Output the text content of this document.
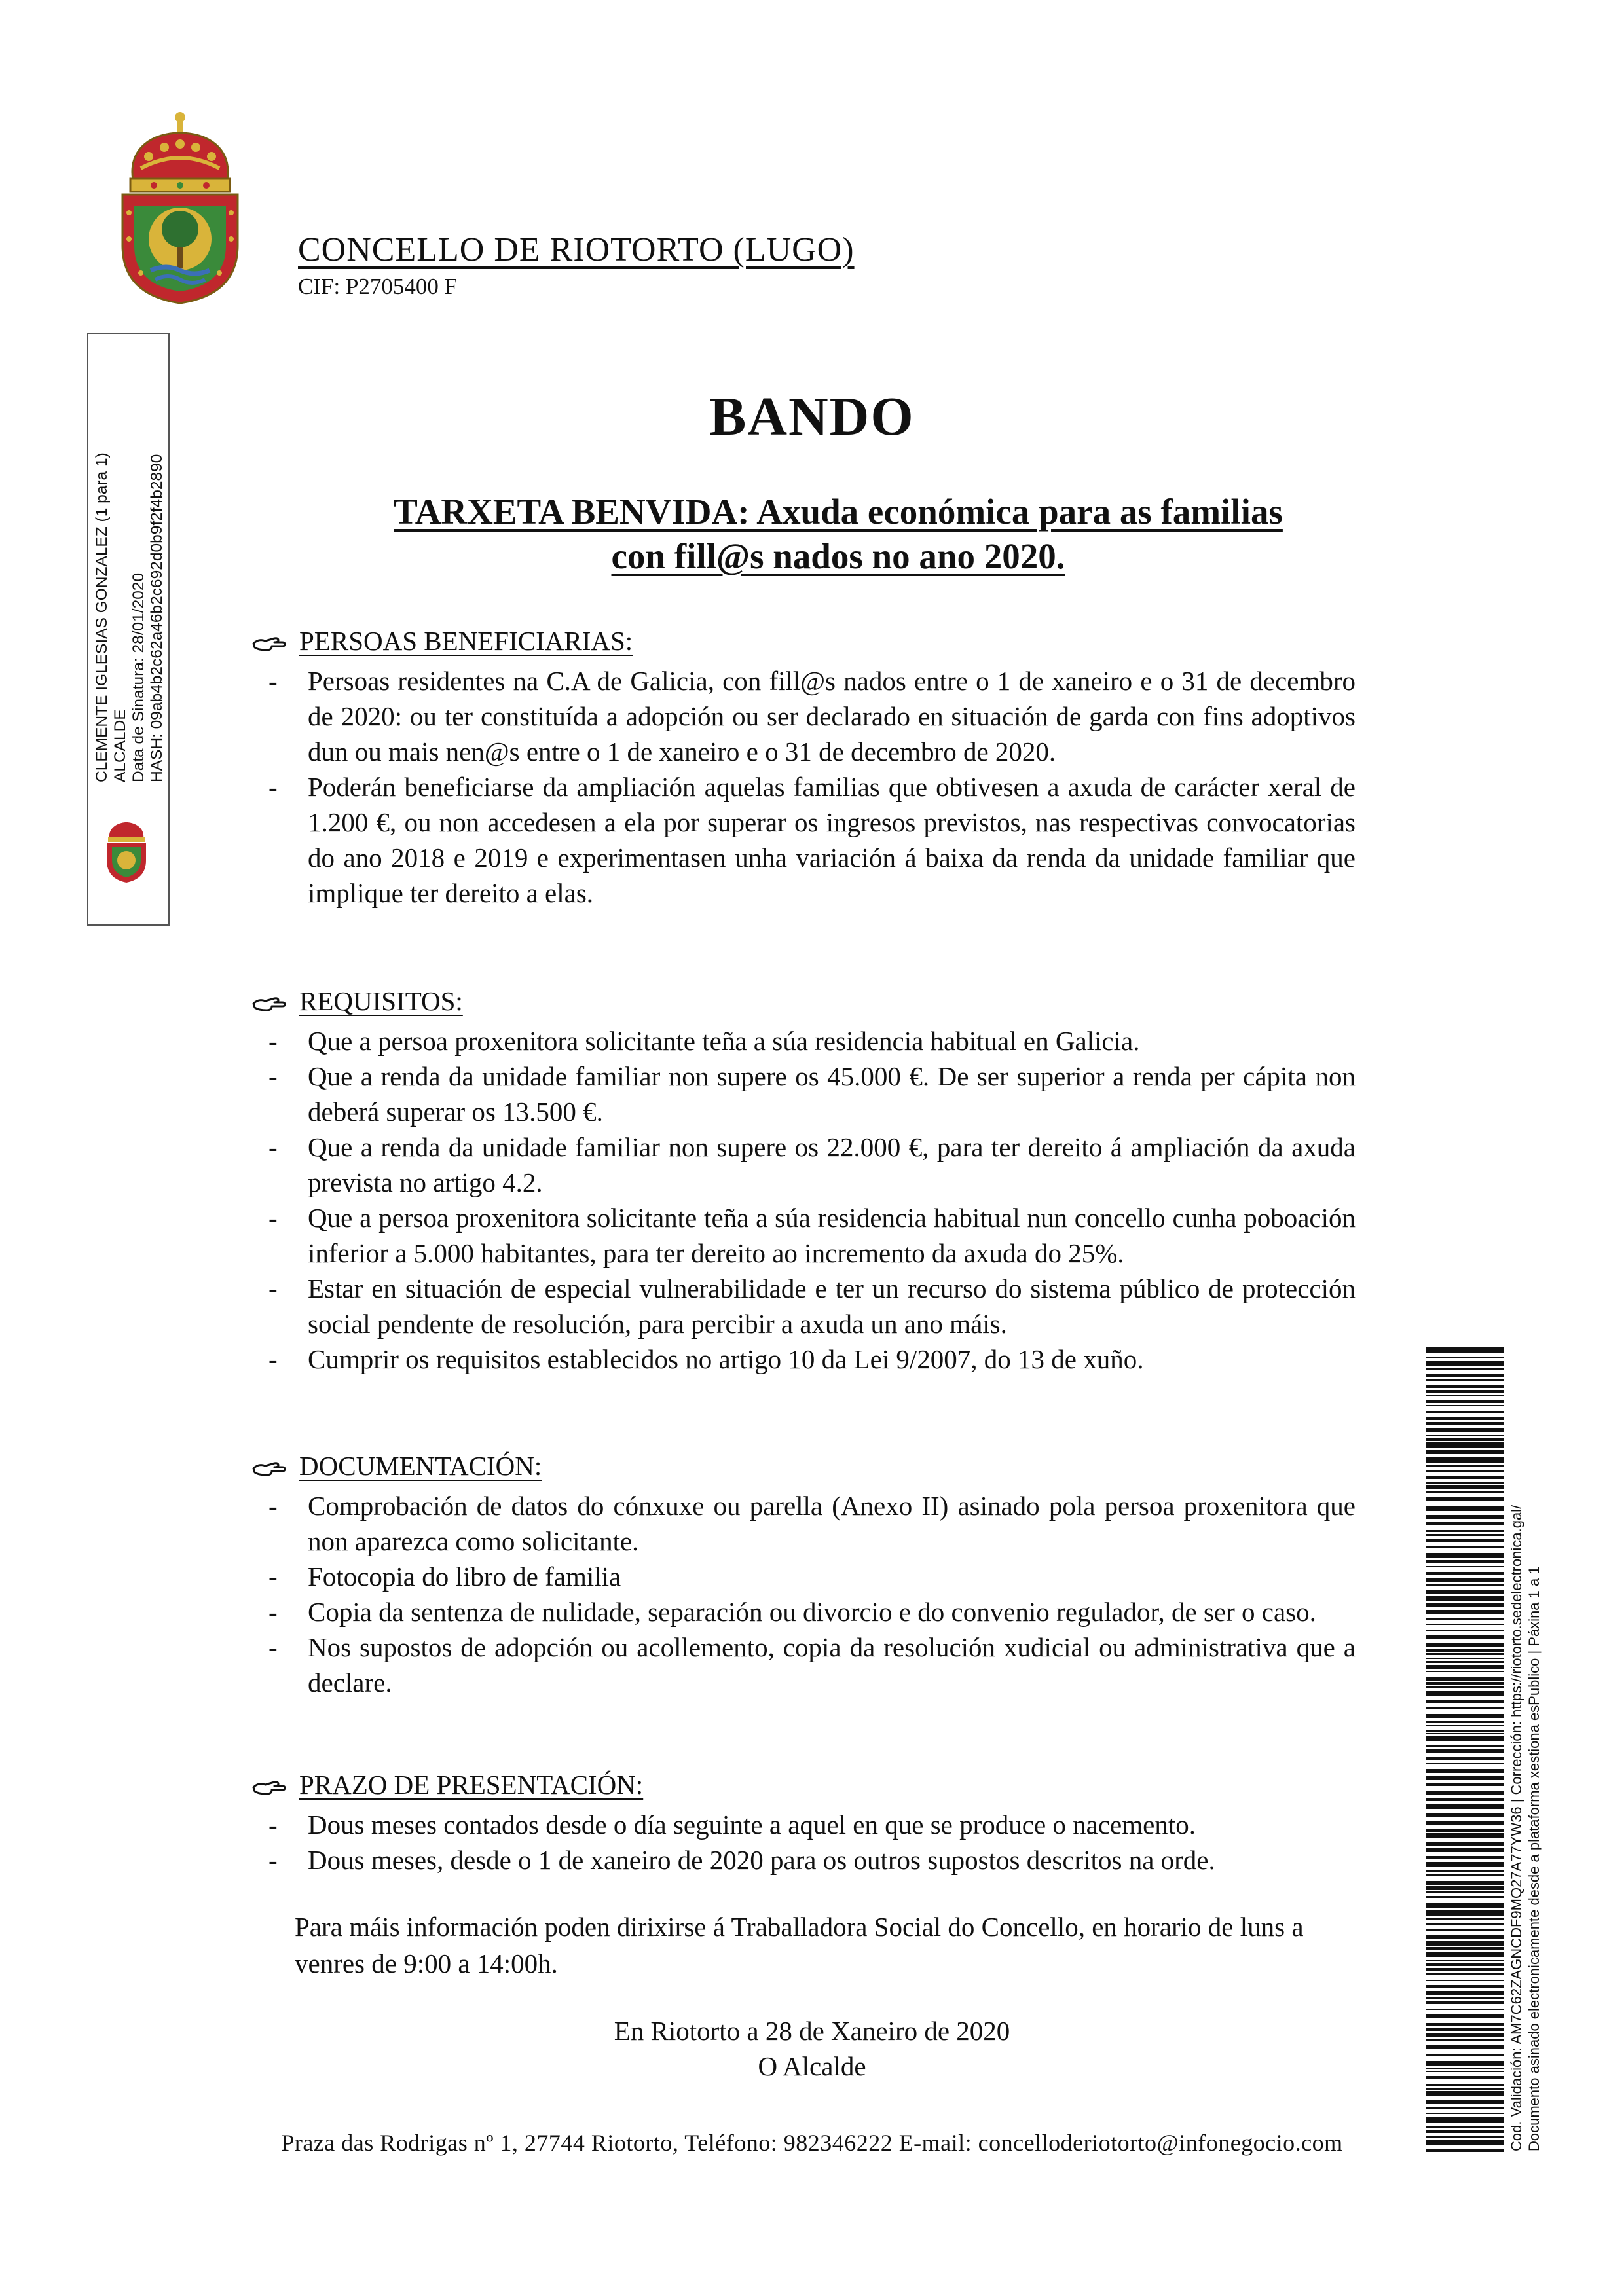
CONCELLO DE RIOTORTO (LUGO)
CIF: P2705400 F
CLEMENTE IGLESIAS GONZALEZ (1 para 1) ALCALDE Data de Sinatura: 28/01/2020 HASH: 09ab4b2c62a46b2c692d0b9f2f4b2890
BANDO
TARXETA BENVIDA: Axuda económica para as familias
con fill@s nados no ano 2020.
PERSOAS BENEFICIARIAS:
- Persoas residentes na C.A de Galicia, con fill@s nados entre o 1 de xaneiro e o 31 de decembro de 2020: ou ter constituída a adopción ou ser declarado en situación de garda con fins adoptivos dun ou mais nen@s entre o 1 de xaneiro e o 31 de decembro de 2020.
- Poderán beneficiarse da ampliación aquelas familias que obtivesen a axuda de carácter xeral de 1.200 €, ou non accedesen a ela por superar os ingresos previstos, nas respectivas convocatorias do ano 2018 e 2019 e experimentasen unha variación á baixa da renda da unidade familiar que implique ter dereito a elas.
REQUISITOS:
- Que a persoa proxenitora solicitante teña a súa residencia habitual en Galicia.
- Que a renda da unidade familiar non supere os 45.000 €. De ser superior a renda per cápita non deberá superar os 13.500 €.
- Que a renda da unidade familiar non supere os 22.000 €, para ter dereito á ampliación da axuda prevista no artigo 4.2.
- Que a persoa proxenitora solicitante teña a súa residencia habitual nun concello cunha poboación inferior a 5.000 habitantes, para ter dereito ao incremento da axuda do 25%.
- Estar en situación de especial vulnerabilidade e ter un recurso do sistema público de protección social pendente de resolución, para percibir a axuda un ano máis.
- Cumprir os requisitos establecidos no artigo 10 da Lei 9/2007, do 13 de xuño.
DOCUMENTACIÓN:
- Comprobación de datos do cónxuxe ou parella (Anexo II) asinado pola persoa proxenitora que non aparezca como solicitante.
- Fotocopia do libro de familia
- Copia da sentenza de nulidade, separación ou divorcio e do convenio regulador, de ser o caso.
- Nos supostos de adopción ou acollemento, copia da resolución xudicial ou administrativa que a declare.
PRAZO DE PRESENTACIÓN:
- Dous meses contados desde o día seguinte a aquel en que se produce o nacemento.
- Dous meses, desde o 1 de xaneiro de 2020 para os outros supostos descritos na orde.
Para máis información poden dirixirse á Traballadora Social do Concello, en horario de luns a venres de 9:00 a 14:00h.
En Riotorto a 28 de Xaneiro de 2020
O Alcalde
Praza das Rodrigas nº 1, 27744 Riotorto, Teléfono: 982346222 E-mail: concelloderiotorto@infonegocio.com	Cod. Validación: AM7C62ZAGNCDF9MQ27A77YW36 | Corrección: https://riotorto.sedelectronica.gal/ Documento asinado electronicamente desde a plataforma xestiona esPublico | Páxina 1 a 1
